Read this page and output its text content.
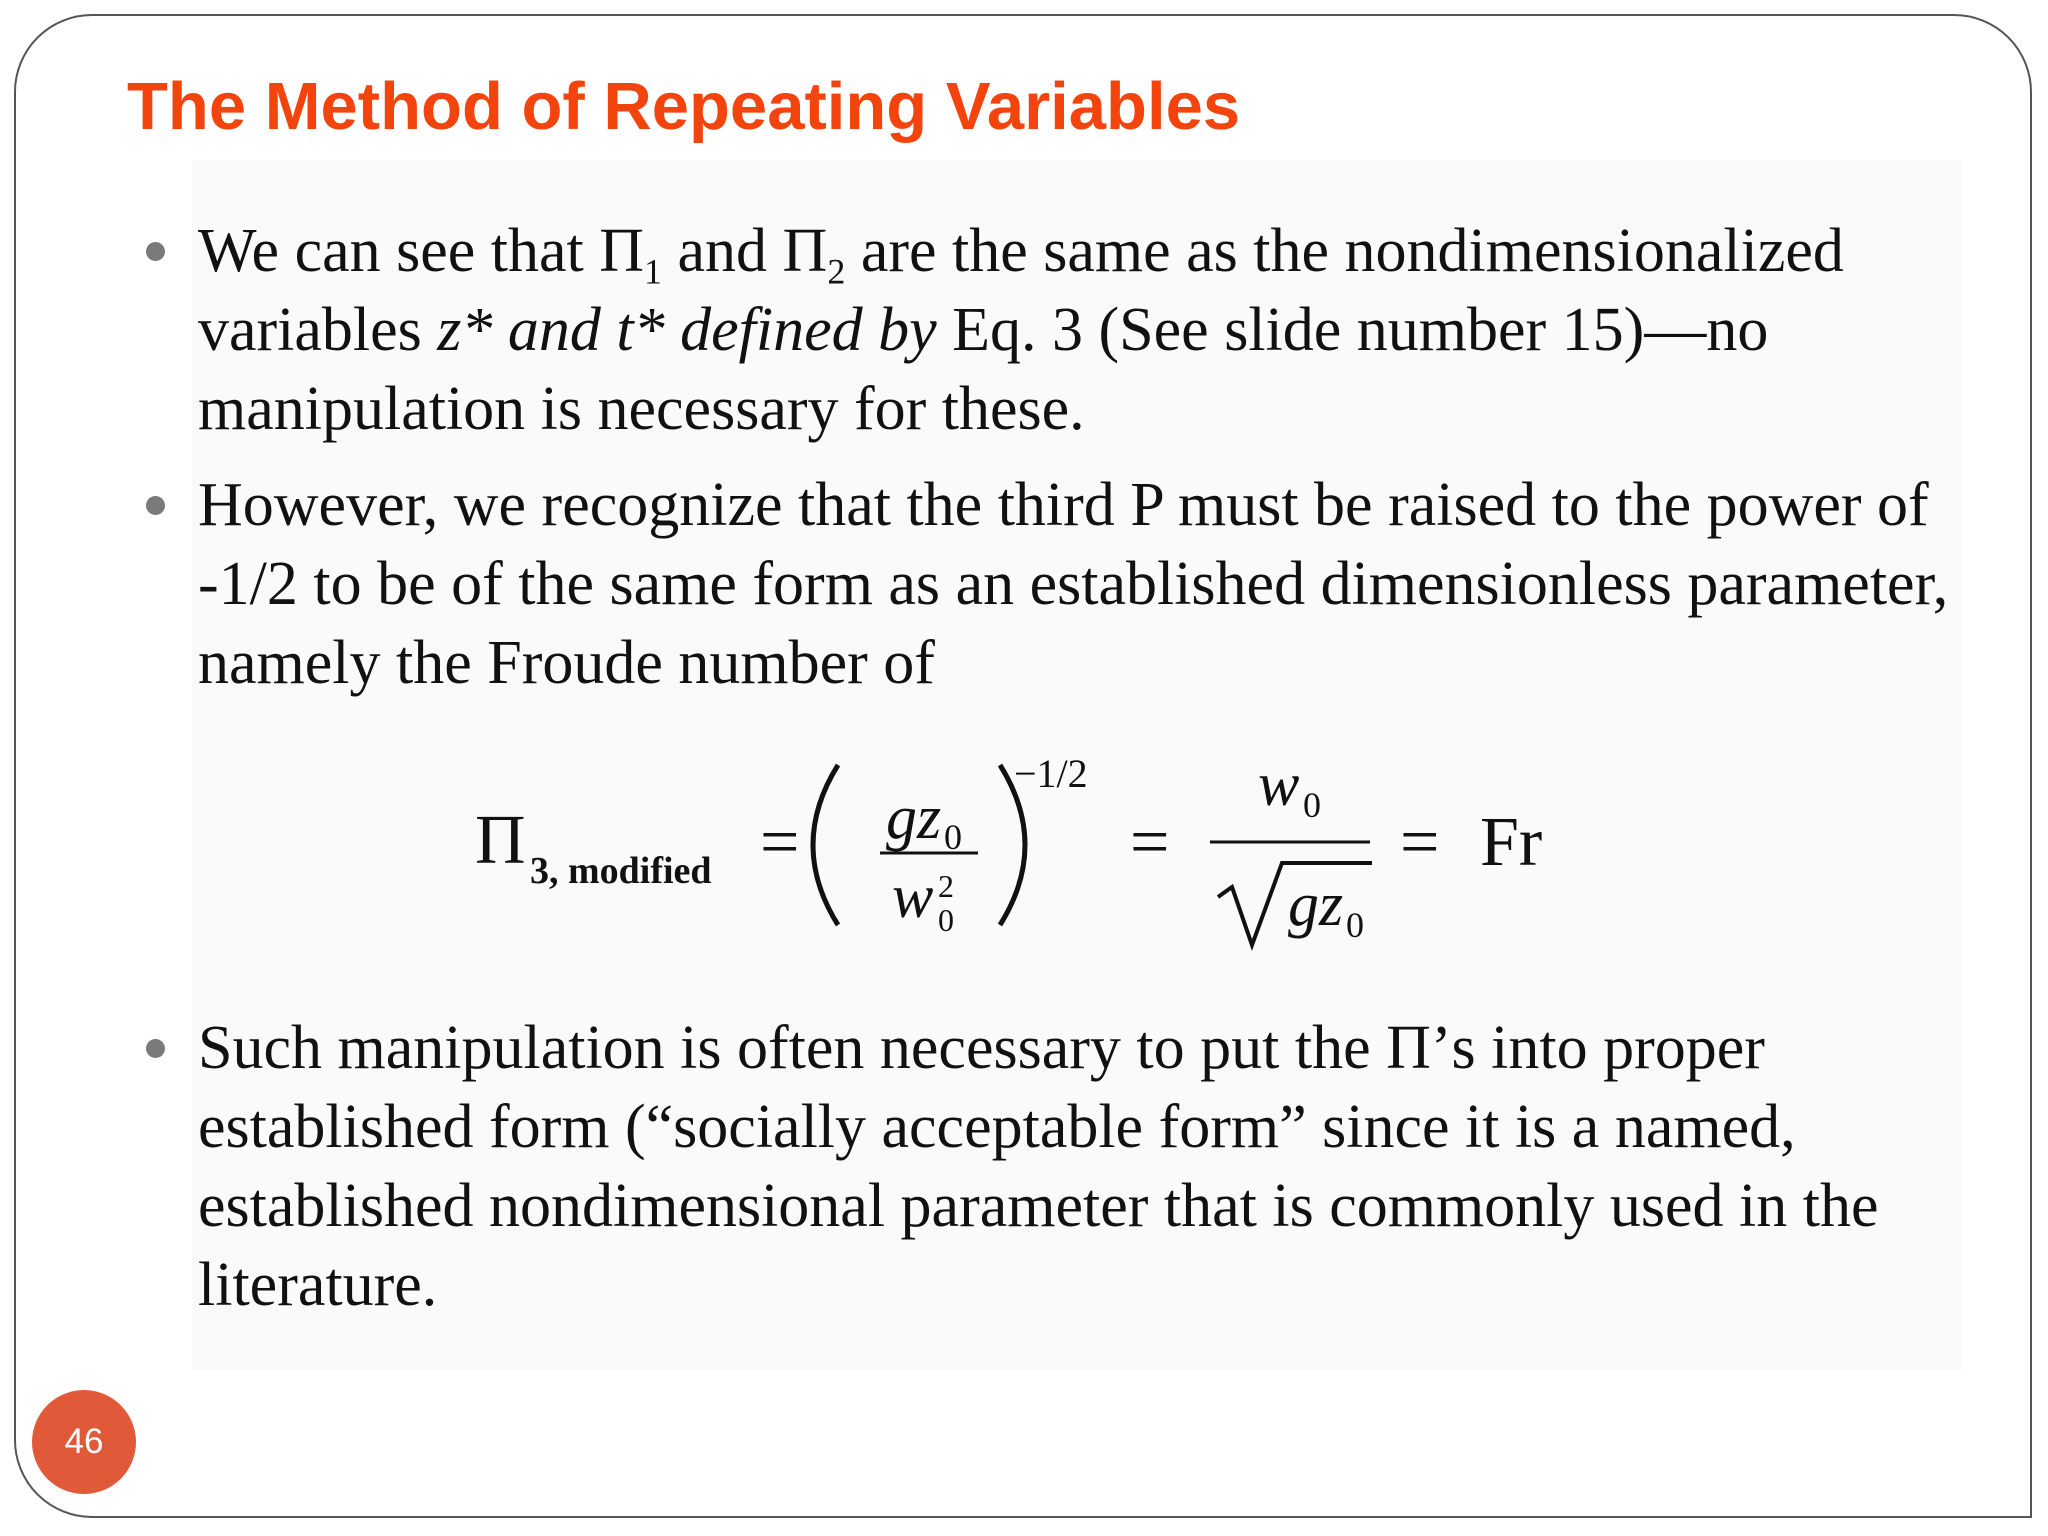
The Method of Repeating Variables

We can see that $\Pi_1$ and $\Pi_2$ are the same as the nondimensionalized variables z* and t* defined by Eq. 3 (See slide number 15)—no manipulation is necessary for these.

However, we recognize that the third P must be raised to the power of -1/2 to be of the same form as an established dimensionless parameter, namely the Froude number of

Π 3, modified = gz 0
w 2
0
−1/2
=
w 0
gz 0
= Fr

Such manipulation is often necessary to put the Π’s into proper established form (“socially acceptable form” since it is a named, established nondimensional parameter that is commonly used in the literature.

46
